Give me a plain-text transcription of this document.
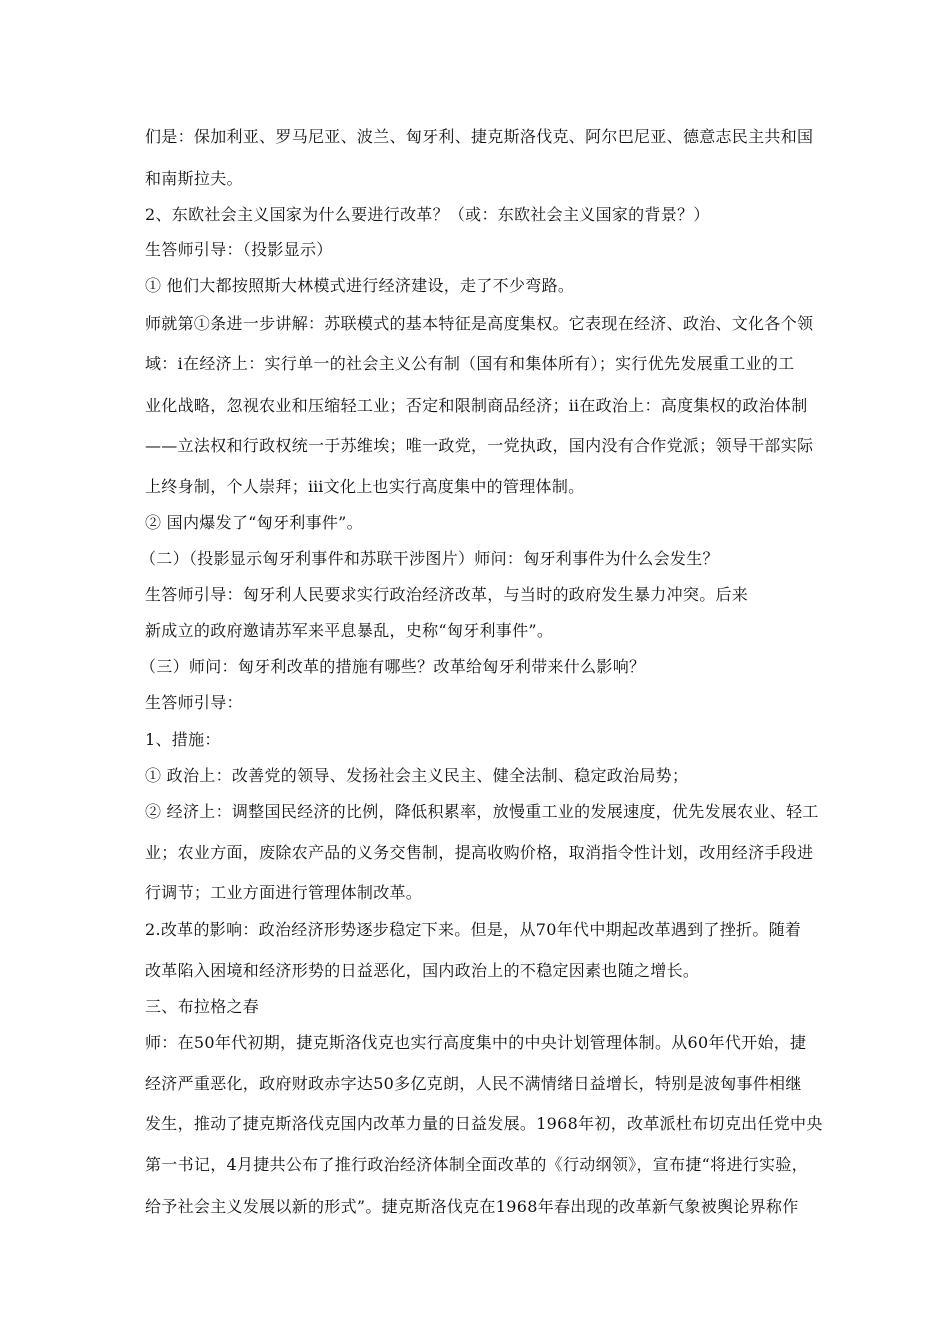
们是：保加利亚、罗马尼亚、波兰、匈牙利、捷克斯洛伐克、阿尔巴尼亚、德意志民主共和国
和南斯拉夫。
2、东欧社会主义国家为什么要进行改革？（或：东欧社会主义国家的背景？）
生答师引导：（投影显示）
① 他们大都按照斯大林模式进行经济建设，走了不少弯路。
师就第①条进一步讲解：苏联模式的基本特征是高度集权。它表现在经济、政治、文化各个领
域：ⅰ在经济上：实行单一的社会主义公有制（国有和集体所有）；实行优先发展重工业的工
业化战略，忽视农业和压缩轻工业；否定和限制商品经济；ⅱ在政治上：高度集权的政治体制
——立法权和行政权统一于苏维埃；唯一政党，一党执政，国内没有合作党派；领导干部实际
上终身制，个人崇拜；ⅲ文化上也实行高度集中的管理体制。
② 国内爆发了“匈牙利事件”。
（二）（投影显示匈牙利事件和苏联干涉图片）师问：匈牙利事件为什么会发生？
生答师引导：匈牙利人民要求实行政治经济改革，与当时的政府发生暴力冲突。后来
新成立的政府邀请苏军来平息暴乱，史称“匈牙利事件”。
（三）师问：匈牙利改革的措施有哪些？改革给匈牙利带来什么影响？
生答师引导：
1、措施：
① 政治上：改善党的领导、发扬社会主义民主、健全法制、稳定政治局势；
② 经济上：调整国民经济的比例，降低积累率，放慢重工业的发展速度，优先发展农业、轻工
业；农业方面，废除农产品的义务交售制，提高收购价格，取消指令性计划，改用经济手段进
行调节；工业方面进行管理体制改革。
2.改革的影响：政治经济形势逐步稳定下来。但是，从70年代中期起改革遇到了挫折。随着
改革陷入困境和经济形势的日益恶化，国内政治上的不稳定因素也随之增长。
三、布拉格之春
师：在50年代初期，捷克斯洛伐克也实行高度集中的中央计划管理体制。从60年代开始，捷
经济严重恶化，政府财政赤字达50多亿克朗，人民不满情绪日益增长，特别是波匈事件相继
发生，推动了捷克斯洛伐克国内改革力量的日益发展。1968年初，改革派杜布切克出任党中央
第一书记，4月捷共公布了推行政治经济体制全面改革的《行动纲领》，宣布捷“将进行实验，
给予社会主义发展以新的形式”。捷克斯洛伐克在1968年春出现的改革新气象被舆论界称作
